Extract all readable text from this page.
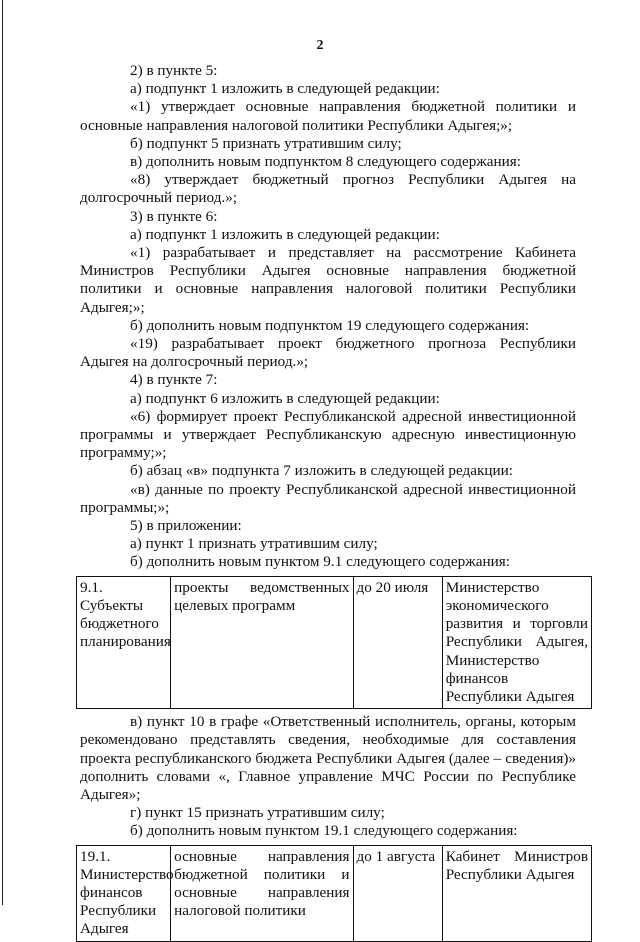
2

2) в пункте 5:

а) подпункт 1 изложить в следующей редакции:

«1) утверждает основные направления бюджетной политики и основные направления налоговой политики Республики Адыгея;»;

б) подпункт 5 признать утратившим силу;

в) дополнить новым подпунктом 8 следующего содержания:

«8) утверждает бюджетный прогноз Республики Адыгея на долгосрочный период.»;

3) в пункте 6:

а) подпункт 1 изложить в следующей редакции:

«1) разрабатывает и представляет на рассмотрение Кабинета Министров Республики Адыгея основные направления бюджетной политики и основные направления налоговой политики Республики Адыгея;»;

б) дополнить новым подпунктом 19 следующего содержания:

«19) разрабатывает проект бюджетного прогноза Республики Адыгея на долгосрочный период.»;

4) в пункте 7:

а) подпункт 6 изложить в следующей редакции:

«6) формирует проект Республиканской адресной инвестиционной программы и утверждает Республиканскую адресную инвестиционную программу;»;

б) абзац «в» подпункта 7 изложить в следующей редакции:

«в) данные по проекту Республиканской адресной инвестиционной программы;»;

5) в приложении:

а) пункт 1 признать утратившим силу;

б) дополнить новым пунктом 9.1 следующего содержания:

9.1. Субъекты бюджетного планирования	проекты ведомственных целевых программ	до 20 июля	Министерство экономического развития и торговли Республики Адыгея, Министерство финансов Республики Адыгея

в) пункт 10 в графе «Ответственный исполнитель, органы, которым рекомендовано представлять сведения, необходимые для составления проекта республиканского бюджета Республики Адыгея (далее – сведения)» дополнить словами «, Главное управление МЧС России по Республике Адыгея»;

г) пункт 15 признать утратившим силу;

б) дополнить новым пунктом 19.1 следующего содержания:

19.1. Министерство финансов Республики Адыгея	основные направления бюджетной политики и основные направления налоговой политики	до 1 августа	Кабинет Министров Республики Адыгея
